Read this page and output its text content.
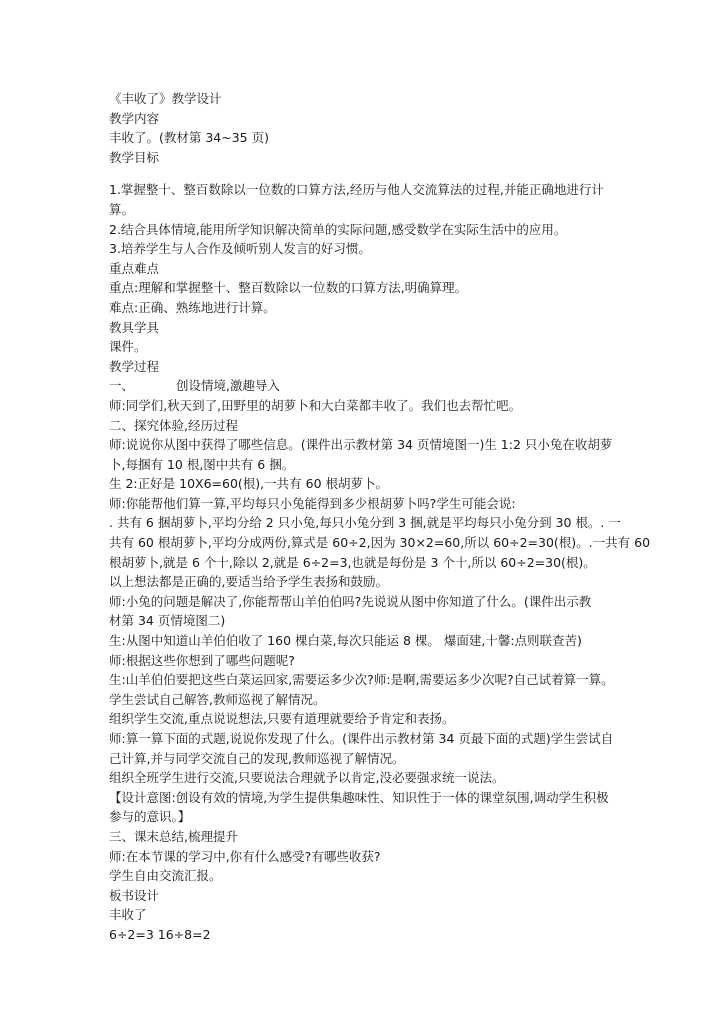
《丰收了》教学设计
教学内容
丰收了。(教材第 34~35 页)
教学目标
1.掌握整十、整百数除以一位数的口算方法,经历与他人交流算法的过程,并能正确地进行计
算。
2.结合具体情境,能用所学知识解决简单的实际问题,感受数学在实际生活中的应用。
3.培养学生与人合作及倾听别人发言的好习惯。
重点难点
重点:理解和掌握整十、整百数除以一位数的口算方法,明确算理。
难点:正确、熟练地进行计算。
教具学具
课件。
教学过程
一、	创设情境,激趣导入
师:同学们,秋天到了,田野里的胡萝卜和大白菜都丰收了。我们也去帮忙吧。
二、探究体验,经历过程
师:说说你从图中获得了哪些信息。(课件出示教材第 34 页情境图一)生 1:2 只小兔在收胡萝
卜,每捆有 10 根,图中共有 6 捆。
生 2:正好是 10X6=60(根),一共有 60 根胡萝卜。
师:你能帮他们算一算,平均每只小兔能得到多少根胡萝卜吗?学生可能会说:
. 共有 6 捆胡萝卜,平均分给 2 只小兔,每只小兔分到 3 捆,就是平均每只小兔分到 30 根。. 一
共有 60 根胡萝卜,平均分成两份,算式是 60÷2,因为 30×2=60,所以 60÷2=30(根)。.一共有 60
根胡萝卜,就是 6 个十,除以 2,就是 6÷2=3,也就是每份是 3 个十,所以 60÷2=30(根)。
以上想法都是正确的,要适当给予学生表扬和鼓励。
师:小兔的问题是解决了,你能帮帮山羊伯伯吗?先说说从图中你知道了什么。(课件出示教
材第 34 页情境图二)
生:从图中知道山羊伯伯收了 160 棵白菜,每次只能运 8 棵。 爆面建,十馨:点则联查苦)
师:根据这些你想到了哪些问题呢?
生:山羊伯伯要把这些白菜运回家,需要运多少次?师:是啊,需要运多少次呢?自己试着算一算。
学生尝试自己解答,教师巡视了解情况。
组织学生交流,重点说说想法,只要有道理就要给予肯定和表扬。
师:算一算下面的式题,说说你发现了什么。(课件出示教材第 34 页最下面的式题)学生尝试自
己计算,并与同学交流自己的发现,教师巡视了解情况。
组织全班学生进行交流,只要说法合理就予以肯定,没必要强求统一说法。
【设计意图:创设有效的情境,为学生提供集趣味性、知识性于一体的课堂氛围,调动学生积极
参与的意识。】
三、课末总结,梳理提升
师:在本节课的学习中,你有什么感受?有哪些收获?
学生自由交流汇报。
板书设计
丰收了
6÷2=3 16÷8=2
